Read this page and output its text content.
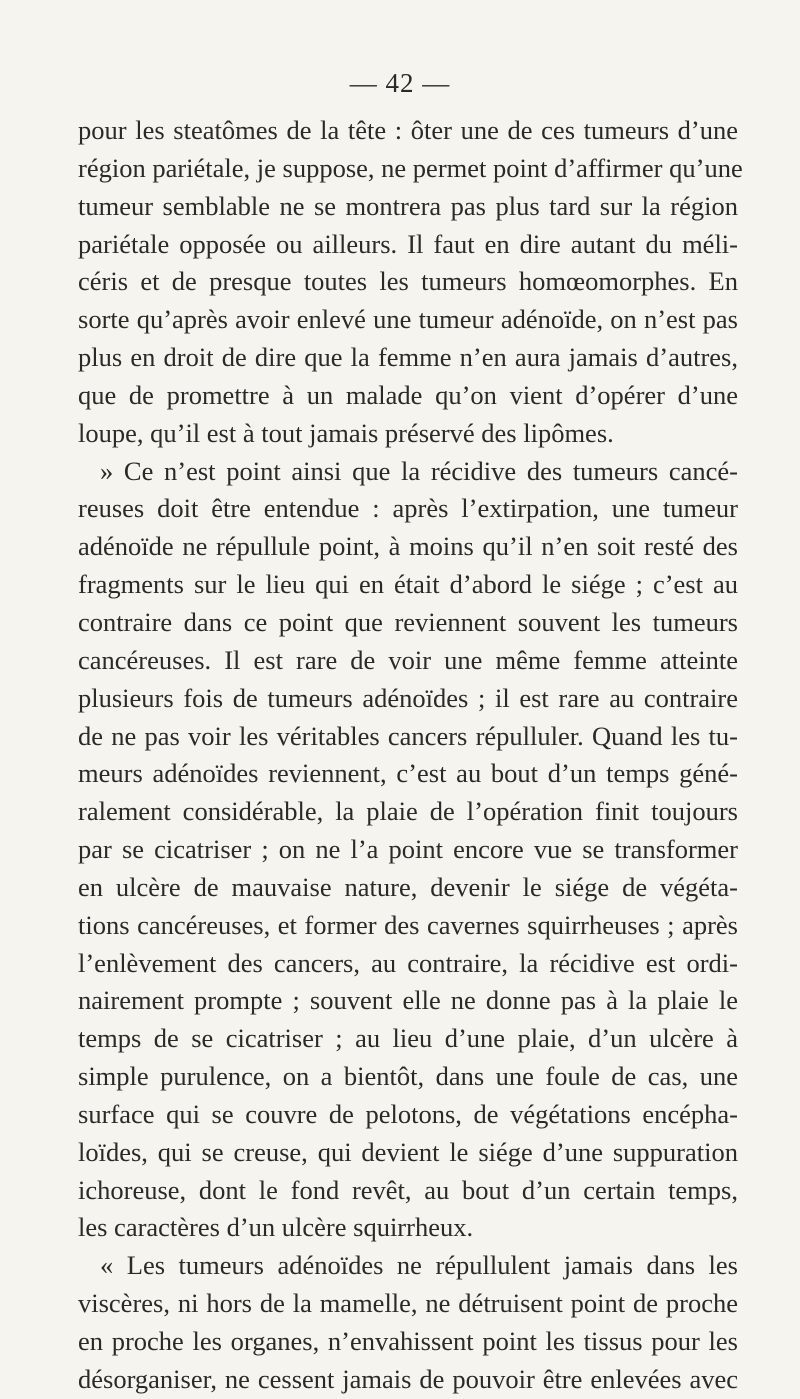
— 42 —
pour les steatômes de la tête : ôter une de ces tumeurs d’une
région pariétale, je suppose, ne permet point d’affirmer qu’une
tumeur semblable ne se montrera pas plus tard sur la région
pariétale opposée ou ailleurs. Il faut en dire autant du méli-
céris et de presque toutes les tumeurs homœomorphes. En
sorte qu’après avoir enlevé une tumeur adénoïde, on n’est pas
plus en droit de dire que la femme n’en aura jamais d’autres,
que de promettre à un malade qu’on vient d’opérer d’une
loupe, qu’il est à tout jamais préservé des lipômes.
» Ce n’est point ainsi que la récidive des tumeurs cancé-
reuses doit être entendue : après l’extirpation, une tumeur
adénoïde ne répullule point, à moins qu’il n’en soit resté des
fragments sur le lieu qui en était d’abord le siége ; c’est au
contraire dans ce point que reviennent souvent les tumeurs
cancéreuses. Il est rare de voir une même femme atteinte
plusieurs fois de tumeurs adénoïdes ; il est rare au contraire
de ne pas voir les véritables cancers répulluler. Quand les tu-
meurs adénoïdes reviennent, c’est au bout d’un temps géné-
ralement considérable, la plaie de l’opération finit toujours
par se cicatriser ; on ne l’a point encore vue se transformer
en ulcère de mauvaise nature, devenir le siége de végéta-
tions cancéreuses, et former des cavernes squirrheuses ; après
l’enlèvement des cancers, au contraire, la récidive est ordi-
nairement prompte ; souvent elle ne donne pas à la plaie le
temps de se cicatriser ; au lieu d’une plaie, d’un ulcère à
simple purulence, on a bientôt, dans une foule de cas, une
surface qui se couvre de pelotons, de végétations encépha-
loïdes, qui se creuse, qui devient le siége d’une suppuration
ichoreuse, dont le fond revêt, au bout d’un certain temps,
les caractères d’un ulcère squirrheux.
« Les tumeurs adénoïdes ne répullulent jamais dans les
viscères, ni hors de la mamelle, ne détruisent point de proche
en proche les organes, n’envahissent point les tissus pour les
désorganiser, ne cessent jamais de pouvoir être enlevées avec
